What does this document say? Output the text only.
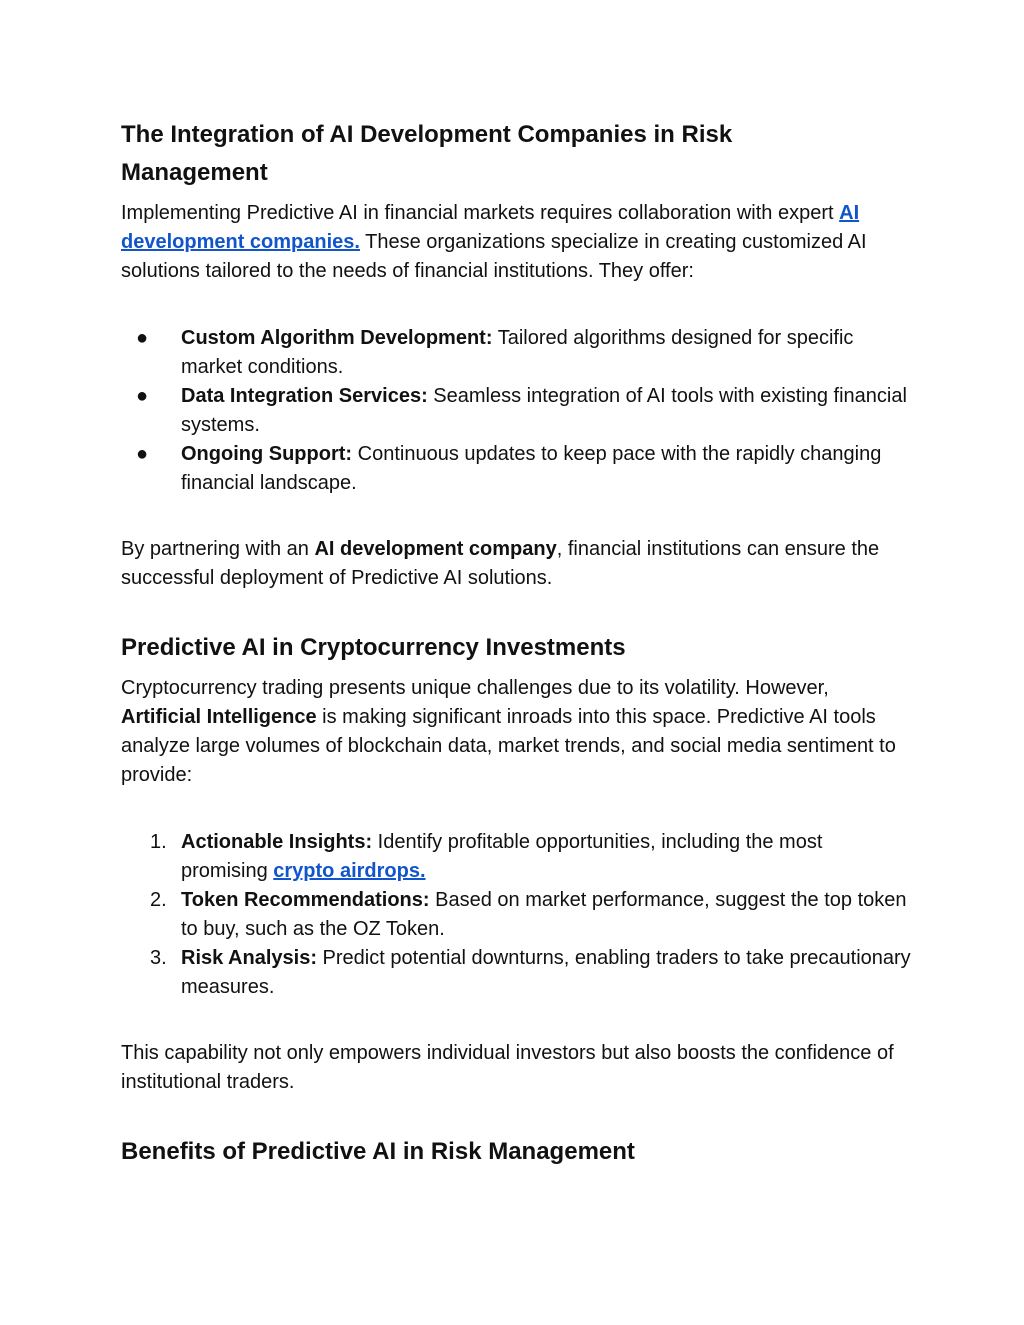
The Integration of AI Development Companies in Risk Management

Implementing Predictive AI in financial markets requires collaboration with expert AI development companies. These organizations specialize in creating customized AI solutions tailored to the needs of financial institutions. They offer:

● Custom Algorithm Development: Tailored algorithms designed for specific market conditions.
● Data Integration Services: Seamless integration of AI tools with existing financial systems.
● Ongoing Support: Continuous updates to keep pace with the rapidly changing financial landscape.

By partnering with an AI development company, financial institutions can ensure the successful deployment of Predictive AI solutions.

Predictive AI in Cryptocurrency Investments

Cryptocurrency trading presents unique challenges due to its volatility. However, Artificial Intelligence is making significant inroads into this space. Predictive AI tools analyze large volumes of blockchain data, market trends, and social media sentiment to provide:

1. Actionable Insights: Identify profitable opportunities, including the most promising crypto airdrops.
2. Token Recommendations: Based on market performance, suggest the top token to buy, such as the OZ Token.
3. Risk Analysis: Predict potential downturns, enabling traders to take precautionary measures.

This capability not only empowers individual investors but also boosts the confidence of institutional traders.

Benefits of Predictive AI in Risk Management
